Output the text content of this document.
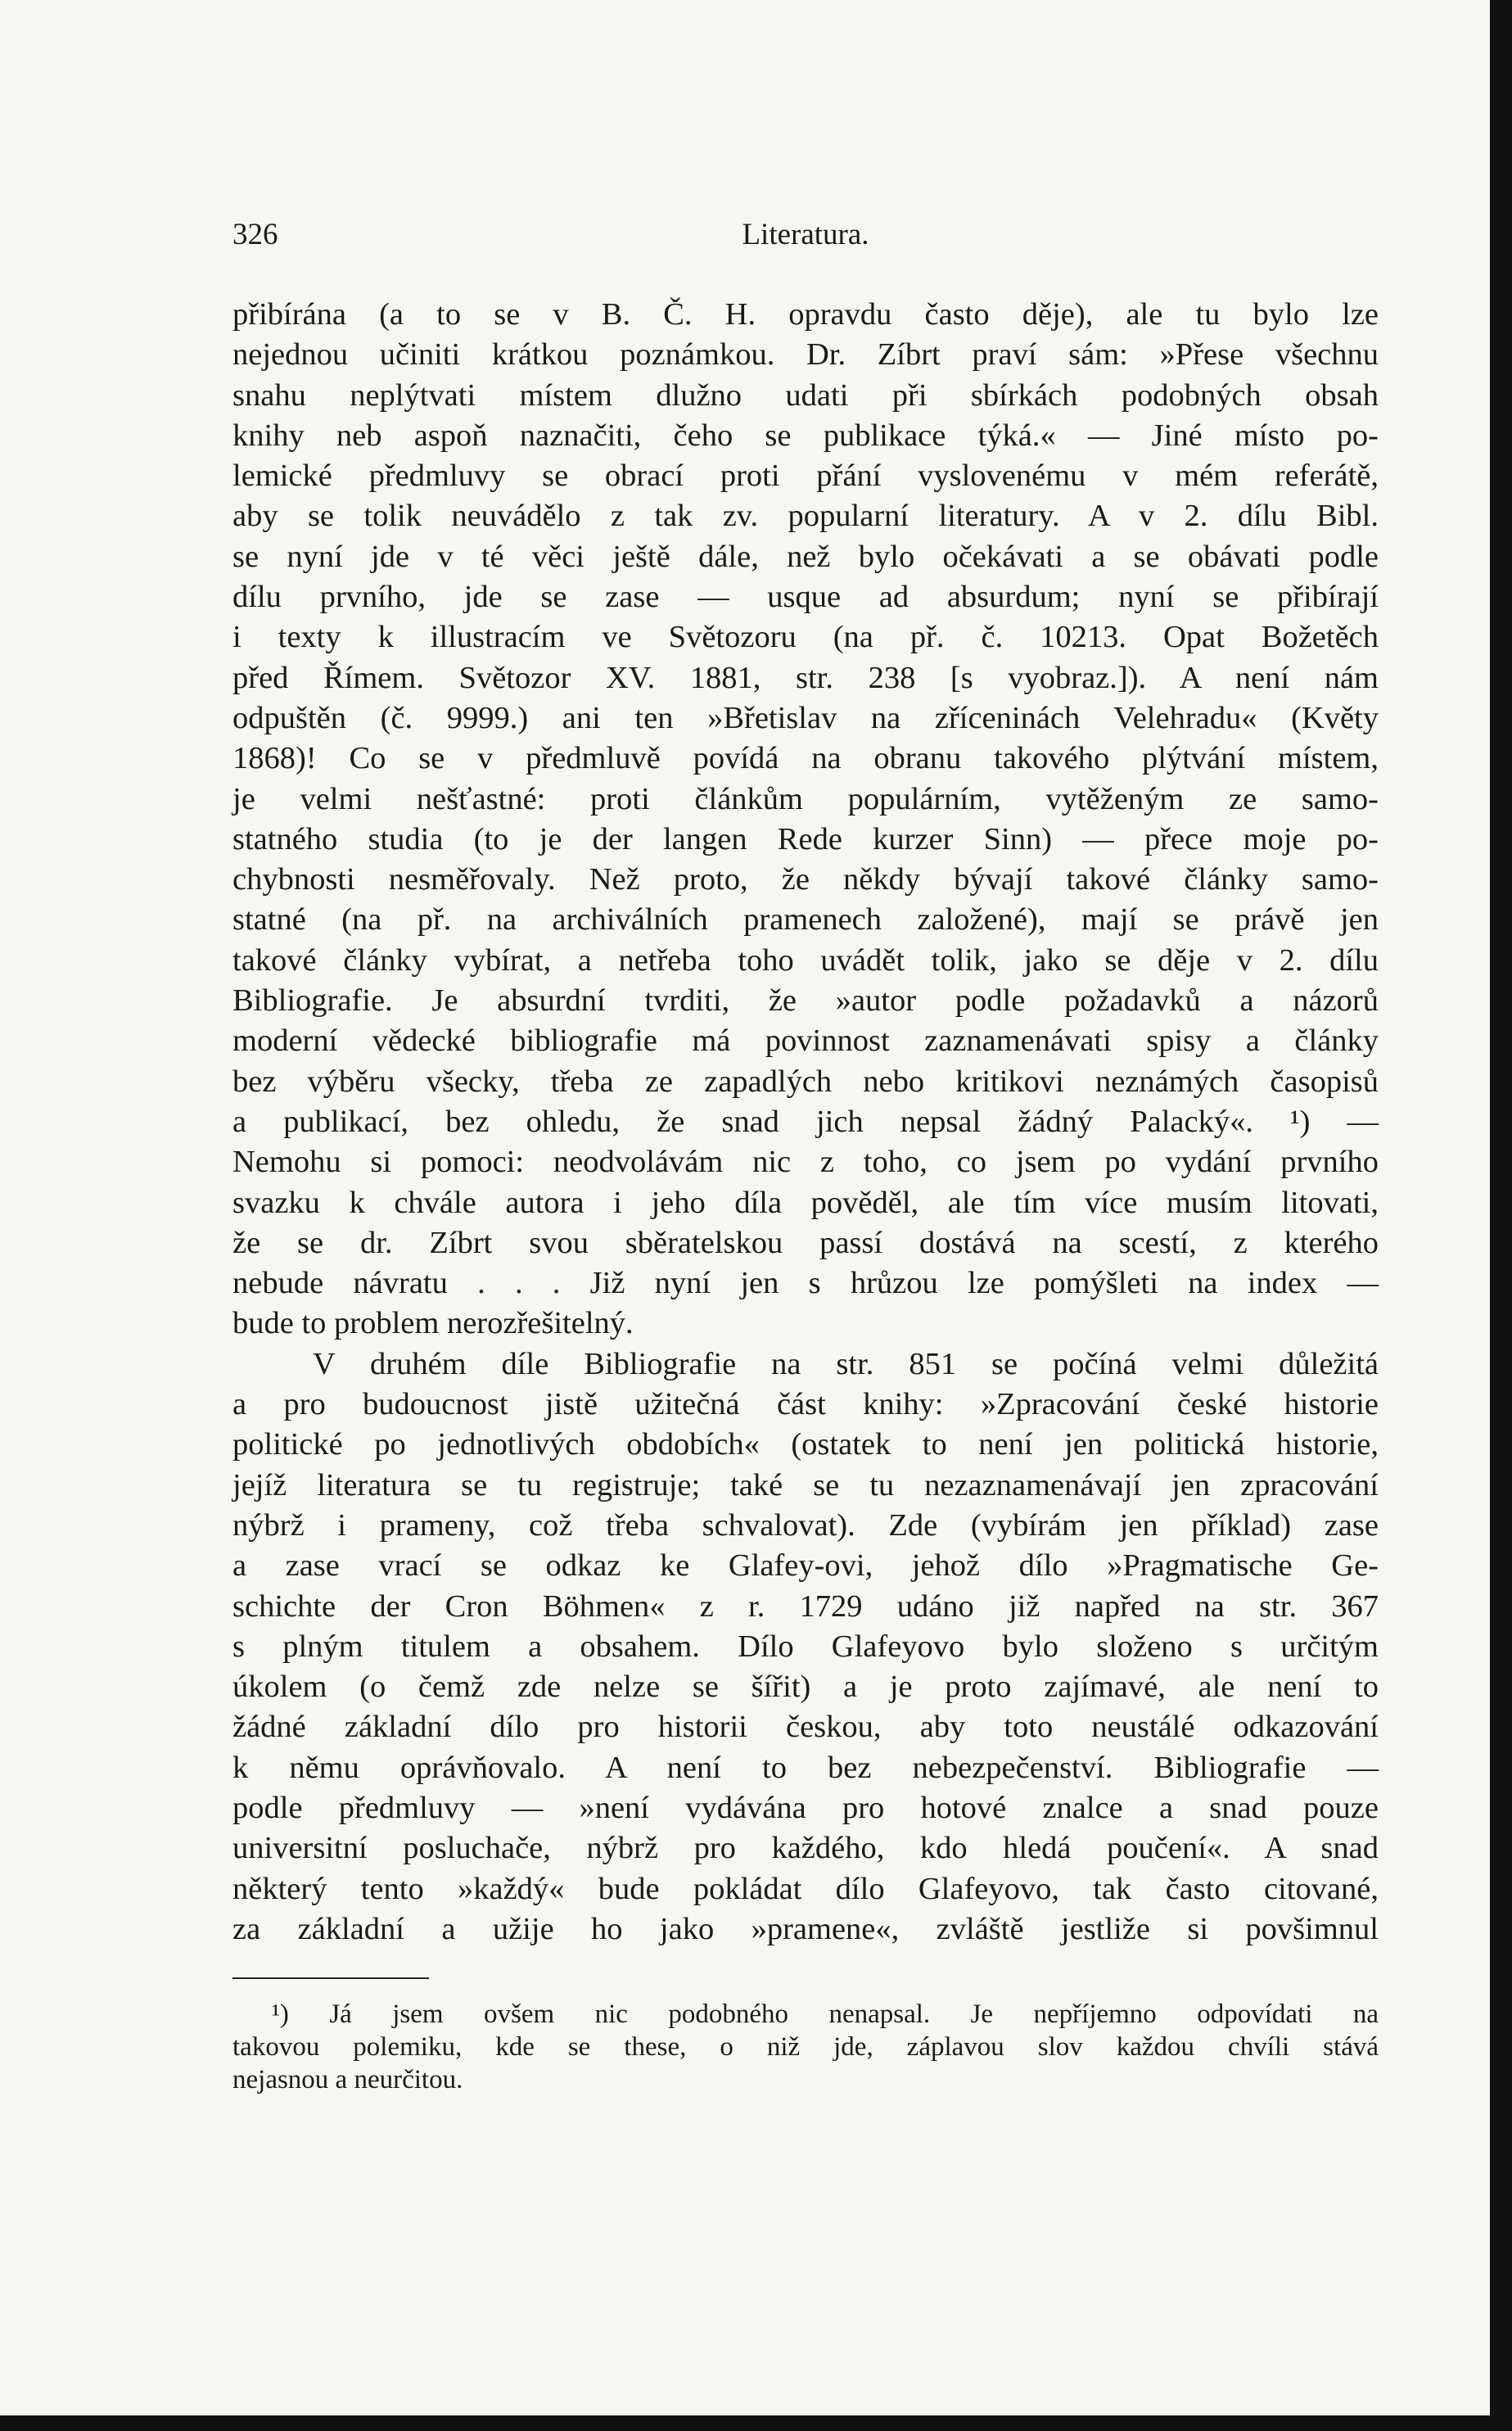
326	Literatura.
přibírána (a to se v B. Č. H. opravdu často děje), ale tu bylo lze
nejednou učiniti krátkou poznámkou. Dr. Zíbrt praví sám: »Přese všechnu
snahu neplýtvati místem dlužno udati při sbírkách podobných obsah
knihy neb aspoň naznačiti, čeho se publikace týká.« — Jiné místo po-
lemické předmluvy se obrací proti přání vyslovenému v mém referátě,
aby se tolik neuvádělo z tak zv. popularní literatury. A v 2. dílu Bibl.
se nyní jde v té věci ještě dále, než bylo očekávati a se obávati podle
dílu prvního, jde se zase — usque ad absurdum; nyní se přibírají
i texty k illustracím ve Světozoru (na př. č. 10213. Opat Božetěch
před Římem. Světozor XV. 1881, str. 238 [s vyobraz.]). A není nám
odpuštěn (č. 9999.) ani ten »Břetislav na zříceninách Velehradu« (Květy
1868)! Co se v předmluvě povídá na obranu takového plýtvání místem,
je velmi nešťastné: proti článkům populárním, vytěženým ze samo-
statného studia (to je der langen Rede kurzer Sinn) — přece moje po-
chybnosti nesměřovaly. Než proto, že někdy bývají takové články samo-
statné (na př. na archiválních pramenech založené), mají se právě jen
takové články vybírat, a netřeba toho uvádět tolik, jako se děje v 2. dílu
Bibliografie. Je absurdní tvrditi, že »autor podle požadavků a názorů
moderní vědecké bibliografie má povinnost zaznamenávati spisy a články
bez výběru všecky, třeba ze zapadlých nebo kritikovi neznámých časopisů
a publikací, bez ohledu, že snad jich nepsal žádný Palacký«. ¹) —
Nemohu si pomoci: neodvolávám nic z toho, co jsem po vydání prvního
svazku k chvále autora i jeho díla pověděl, ale tím více musím litovati,
že se dr. Zíbrt svou sběratelskou passí dostává na scestí, z kterého
nebude návratu . . . Již nyní jen s hrůzou lze pomýšleti na index —
bude to problem nerozřešitelný.
V druhém díle Bibliografie na str. 851 se počíná velmi důležitá
a pro budoucnost jistě užitečná část knihy: »Zpracování české historie
politické po jednotlivých obdobích« (ostatek to není jen politická historie,
jejíž literatura se tu registruje; také se tu nezaznamenávají jen zpracování
nýbrž i prameny, což třeba schvalovat). Zde (vybírám jen příklad) zase
a zase vrací se odkaz ke Glafey-ovi, jehož dílo »Pragmatische Ge-
schichte der Cron Böhmen« z r. 1729 udáno již napřed na str. 367
s plným titulem a obsahem. Dílo Glafeyovo bylo složeno s určitým
úkolem (o čemž zde nelze se šířit) a je proto zajímavé, ale není to
žádné základní dílo pro historii českou, aby toto neustálé odkazování
k němu oprávňovalo. A není to bez nebezpečenství. Bibliografie —
podle předmluvy — »není vydávána pro hotové znalce a snad pouze
universitní posluchače, nýbrž pro každého, kdo hledá poučení«. A snad
některý tento »každý« bude pokládat dílo Glafeyovo, tak často citované,
za základní a užije ho jako »pramene«, zvláště jestliže si povšimnul
¹) Já jsem ovšem nic podobného nenapsal. Je nepříjemno odpovídati na
takovou polemiku, kde se these, o niž jde, záplavou slov každou chvíli stává
nejasnou a neurčitou.
